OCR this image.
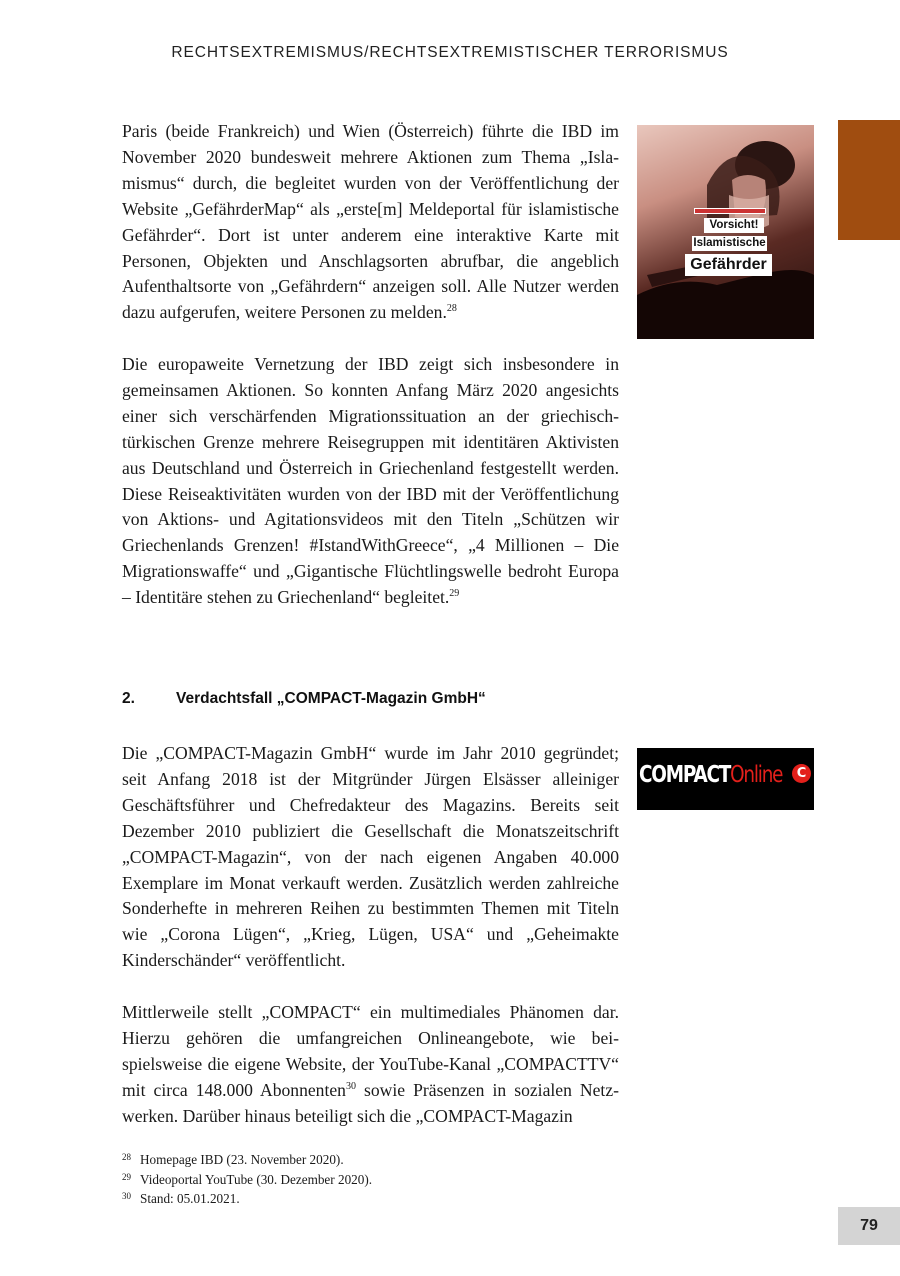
RECHTSEXTREMISMUS/RECHTSEXTREMISTISCHER TERRORISMUS

Paris (beide Frankreich) und Wien (Österreich) führte die IBD im November 2020 bundesweit mehrere Aktionen zum Thema „Islamismus“ durch, die begleitet wurden von der Veröffentlichung der Website „GefährderMap“ als „erste[m] Meldeportal für islamistische Gefährder“. Dort ist unter anderem eine interaktive Karte mit Personen, Objekten und Anschlagsorten abrufbar, die angeblich Aufenthaltsorte von „Gefährdern“ anzeigen soll. Alle Nutzer werden dazu aufgerufen, weitere Personen zu melden.$^{28}$

Vorsicht!
Islamistische
Gefährder

Die europaweite Vernetzung der IBD zeigt sich insbesondere in gemeinsamen Aktionen. So konnten Anfang März 2020 angesichts einer sich verschärfenden Migrationssituation an der griechisch-türkischen Grenze mehrere Reisegruppen mit identitären Aktivisten aus Deutschland und Österreich in Griechenland festgestellt werden. Diese Reiseaktivitäten wurden von der IBD mit der Veröffentlichung von Aktions- und Agitationsvideos mit den Titeln „Schützen wir Griechenlands Grenzen! #IstandWithGreece“, „4 Millionen – Die Migrationswaffe“ und „Gigantische Flüchtlingswelle bedroht Europa – Identitäre stehen zu Griechenland“ begleitet.$^{29}$

2.	Verdachtsfall „COMPACT-Magazin GmbH“

Die „COMPACT-Magazin GmbH“ wurde im Jahr 2010 gegründet; seit Anfang 2018 ist der Mitgründer Jürgen Elsässer alleiniger Geschäftsführer und Chefredakteur des Magazins. Bereits seit Dezember 2010 publiziert die Gesellschaft die Monatszeitschrift „COMPACT-Magazin“, von der nach eigenen Angaben 40.000 Exemplare im Monat verkauft werden. Zusätzlich werden zahlreiche Sonderhefte in mehreren Reihen zu bestimmten Themen mit Titeln wie „Corona Lügen“, „Krieg, Lügen, USA“ und „Geheimakte Kinderschänder“ veröffentlicht.

COMPACTOnline	C

Mittlerweile stellt „COMPACT“ ein multimediales Phänomen dar. Hierzu gehören die umfangreichen Onlineangebote, wie beispielsweise die eigene Website, der YouTube-Kanal „COMPACTTV“ mit circa 148.000 Abonnenten$^{30}$ sowie Präsenzen in sozialen Netzwerken. Darüber hinaus beteiligt sich die „COMPACT-Magazin

28 Homepage IBD (23. November 2020).
29 Videoportal YouTube (30. Dezember 2020).
30 Stand: 05.01.2021.
79
